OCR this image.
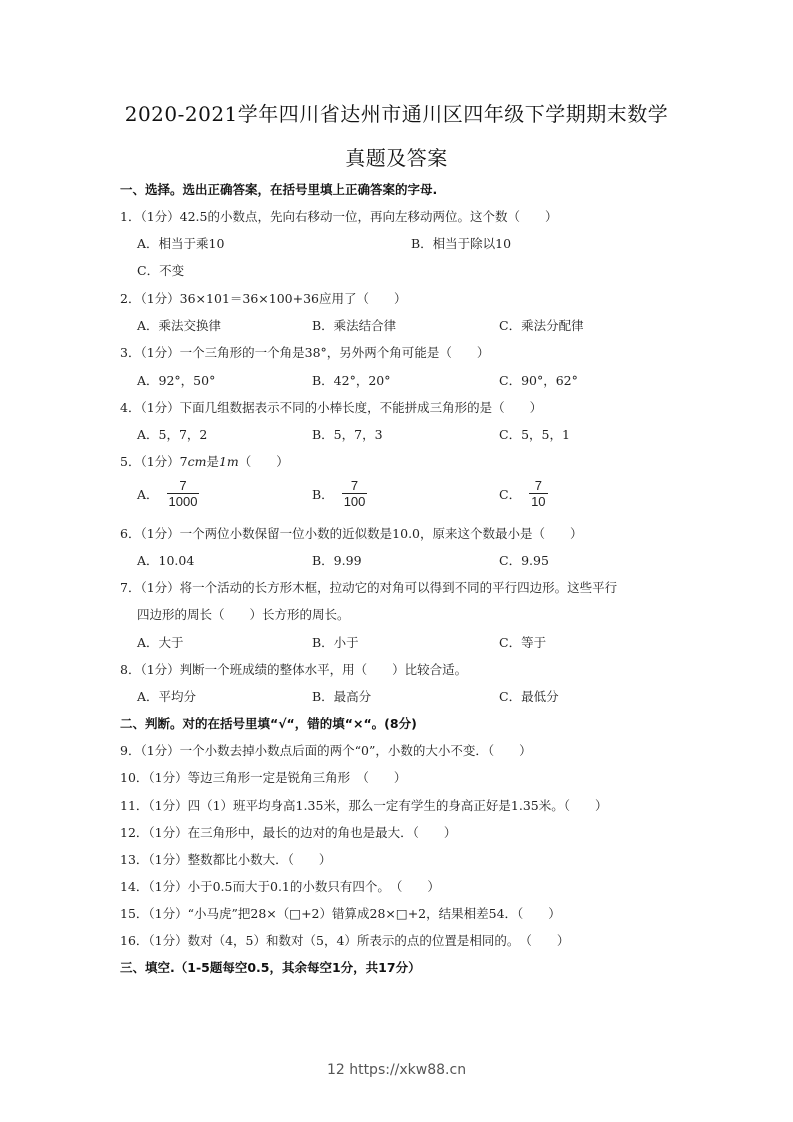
2020-2021学年四川省达州市通川区四年级下学期期末数学
真题及答案
一、选择。选出正确答案，在括号里填上正确答案的字母.
1．（1分）42.5的小数点，先向右移动一位，再向左移动两位。这个数（　　）
A．相当于乘10	B．相当于除以10
C．不变
2．（1分）36×101＝36×100+36应用了（　　）
A．乘法交换律	B．乘法结合律	C．乘法分配律
3．（1分）一个三角形的一个角是38°，另外两个角可能是（　　）
A．92°，50°	B．42°，20°	C．90°，62°
4．（1分）下面几组数据表示不同的小棒长度，不能拼成三角形的是（　　）
A．5，7，2	B．5，7，3	C．5，5，1
5．（1分）7cm是1m（　　）
A． $\frac{7}{1000}$	B． $\frac{7}{100}$	C． $\frac{7}{10}$
6．（1分）一个两位小数保留一位小数的近似数是10.0，原来这个数最小是（　　）
A．10.04	B．9.99	C．9.95
7．（1分）将一个活动的长方形木框，拉动它的对角可以得到不同的平行四边形。这些平行
四边形的周长（　　）长方形的周长。
A．大于	B．小于	C．等于
8．（1分）判断一个班成绩的整体水平，用（　　）比较合适。
A．平均分	B．最高分	C．最低分
二、判断。对的在括号里填“√“，错的填“×“。(8分)
9．（1分）一个小数去掉小数点后面的两个“0”，小数的大小不变．（　　）
10．（1分）等边三角形一定是锐角三角形　（　　）
11．（1分）四（1）班平均身高1.35米，那么一定有学生的身高正好是1.35米。（　　）
12．（1分）在三角形中，最长的边对的角也是最大．（　　）
13．（1分）整数都比小数大．（　　）
14．（1分）小于0.5而大于0.1的小数只有四个。　（　　）
15．（1分）“小马虎”把28×（□+2）错算成28×□+2，结果相差54．（　　）
16．（1分）数对（4，5）和数对（5，4）所表示的点的位置是相同的。　（　　）
三、填空.（1-5题每空0.5，其余每空1分，共17分）
12 https://xkw88.cn
